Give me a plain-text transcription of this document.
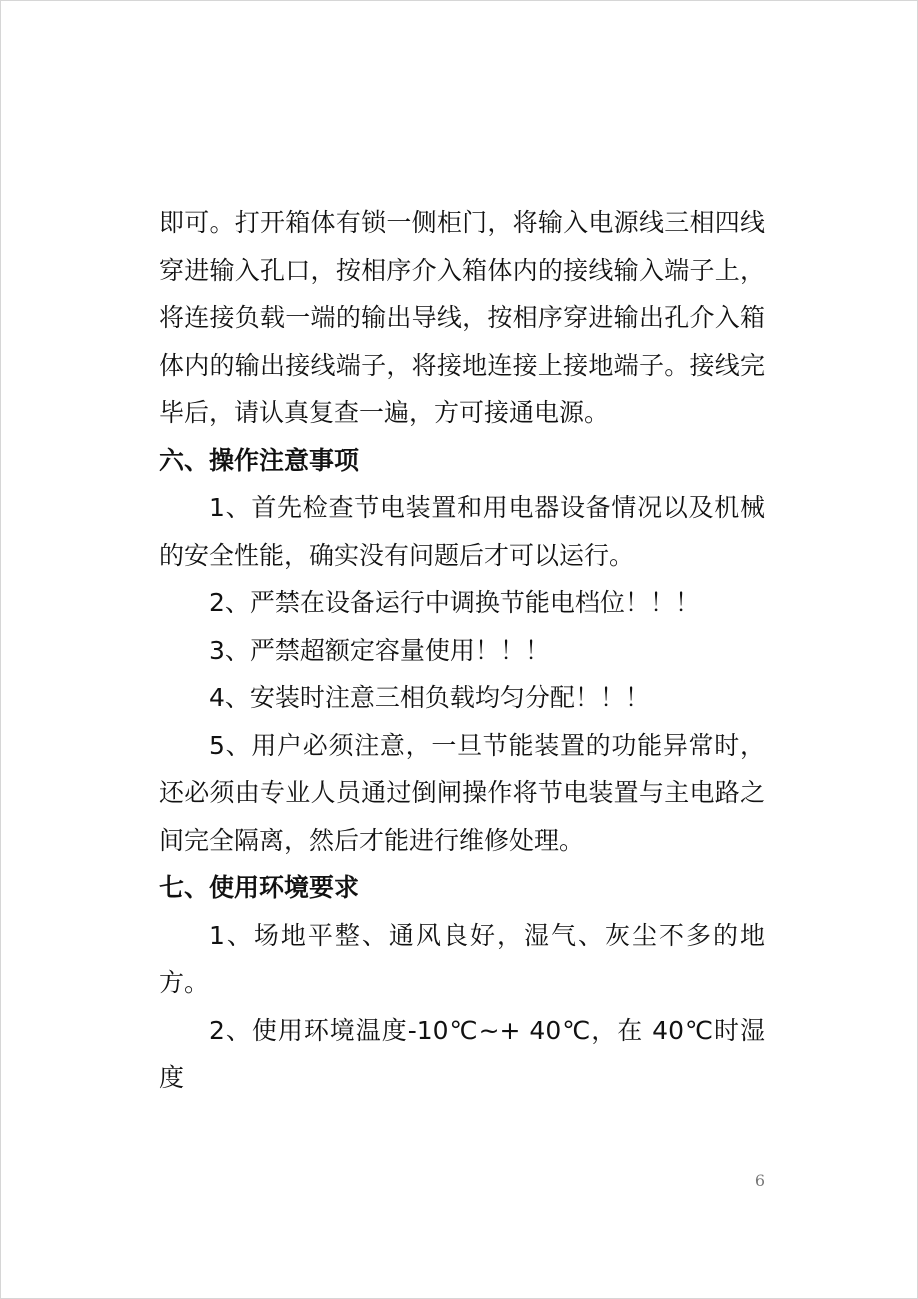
即可。打开箱体有锁一侧柜门，将输入电源线三相四线穿进输入孔口，按相序介入箱体内的接线输入端子上，将连接负载一端的输出导线，按相序穿进输出孔介入箱体内的输出接线端子，将接地连接上接地端子。接线完毕后，请认真复查一遍，方可接通电源。

六、操作注意事项

1、首先检查节电装置和用电器设备情况以及机械的安全性能，确实没有问题后才可以运行。

2、严禁在设备运行中调换节能电档位！！！

3、严禁超额定容量使用！！！

4、安装时注意三相负载均匀分配！！！

5、用户必须注意，一旦节能装置的功能异常时，还必须由专业人员通过倒闸操作将节电装置与主电路之间完全隔离，然后才能进行维修处理。

七、使用环境要求

1、场地平整、通风良好，湿气、灰尘不多的地方。

2、使用环境温度-10℃~+ 40℃，在 40℃时湿度

6
